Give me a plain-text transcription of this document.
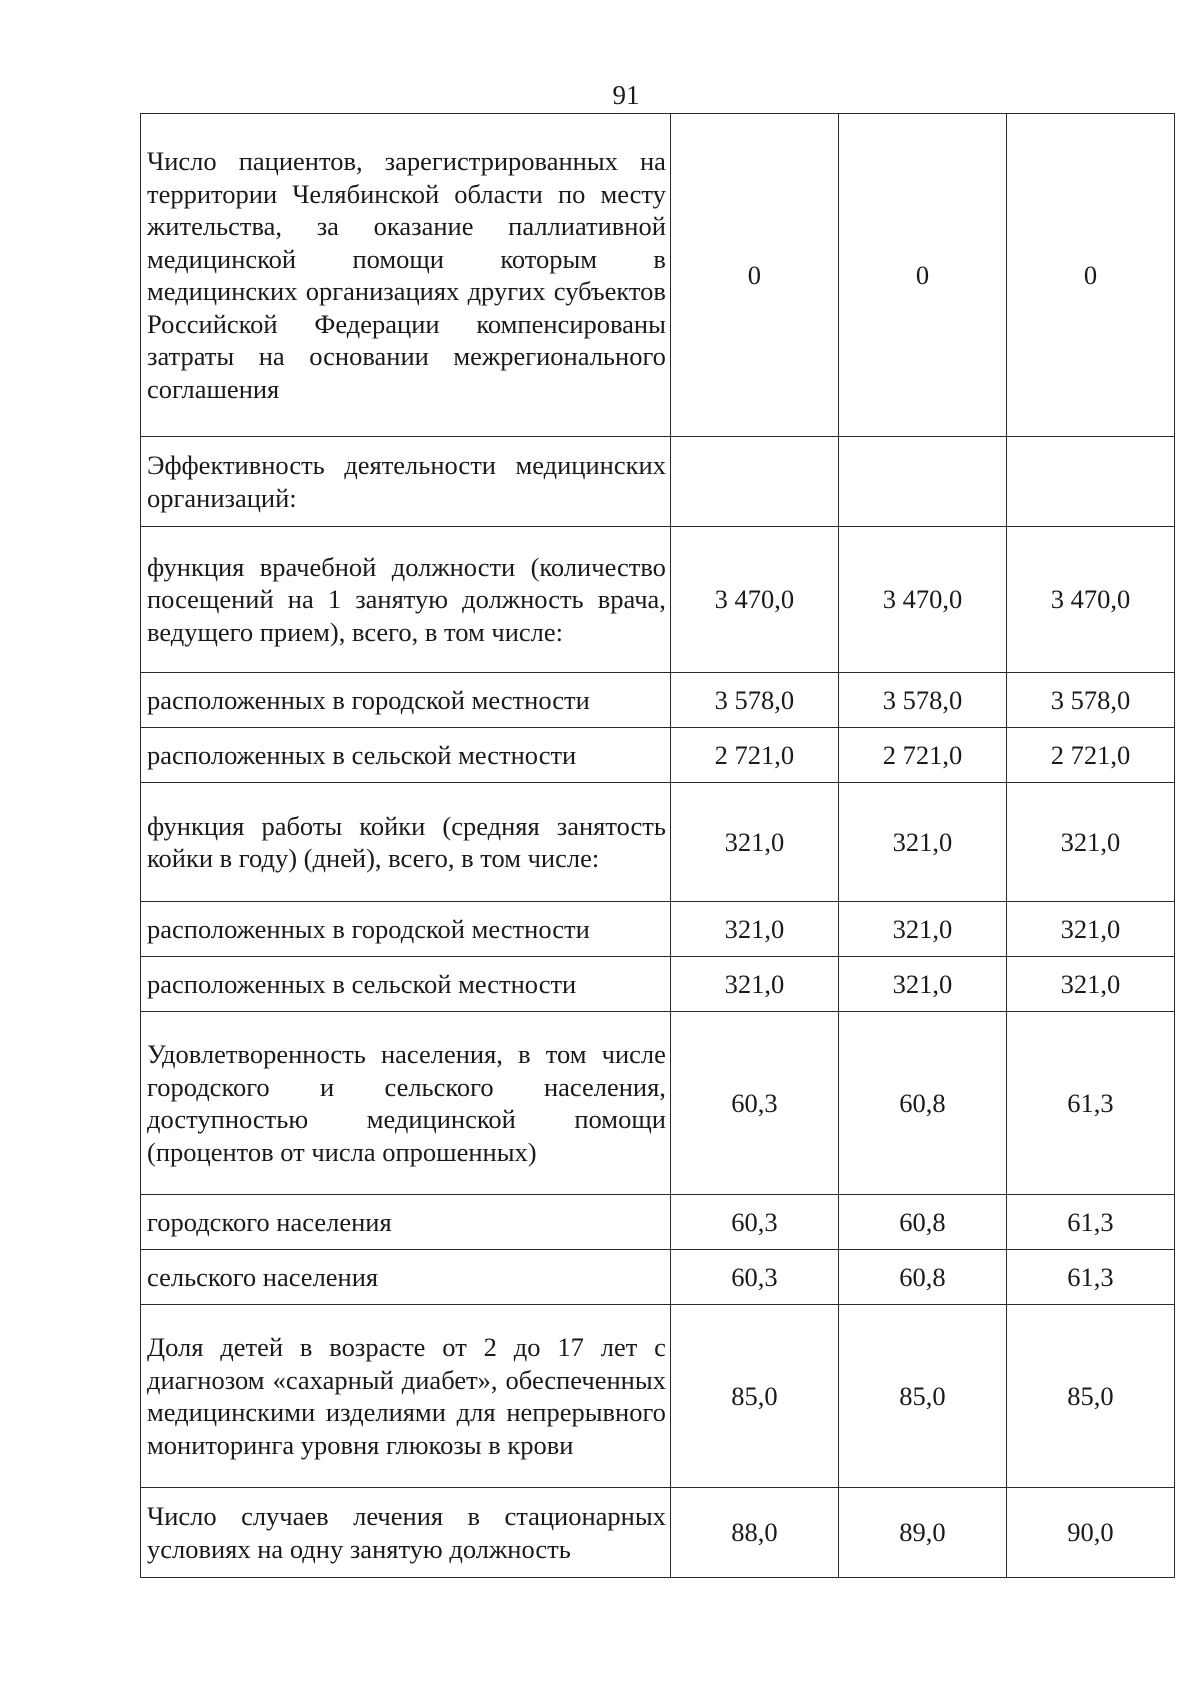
91
Число пациентов, зарегистрированных на территории Челябинской области по месту жительства, за оказание паллиативной медицинской помощи которым в медицинских организациях других субъектов Российской Федерации компенсированы затраты на основании межрегионального соглашения	0	0	0
Эффективность деятельности медицинских организаций:			
функция врачебной должности (количество посещений на 1 занятую должность врача, ведущего прием), всего, в том числе:	3 470,0	3 470,0	3 470,0
расположенных в городской местности	3 578,0	3 578,0	3 578,0
расположенных в сельской местности	2 721,0	2 721,0	2 721,0
функция работы койки (средняя занятость койки в году) (дней), всего, в том числе:	321,0	321,0	321,0
расположенных в городской местности	321,0	321,0	321,0
расположенных в сельской местности	321,0	321,0	321,0
Удовлетворенность населения, в том числе городского и сельского населения, доступностью медицинской помощи (процентов от числа опрошенных)	60,3	60,8	61,3
городского населения	60,3	60,8	61,3
сельского населения	60,3	60,8	61,3
Доля детей в возрасте от 2 до 17 лет с диагнозом «сахарный диабет», обеспеченных медицинскими изделиями для непрерывного мониторинга уровня глюкозы в крови	85,0	85,0	85,0
Число случаев лечения в стационарных условиях на одну занятую должность	88,0	89,0	90,0
